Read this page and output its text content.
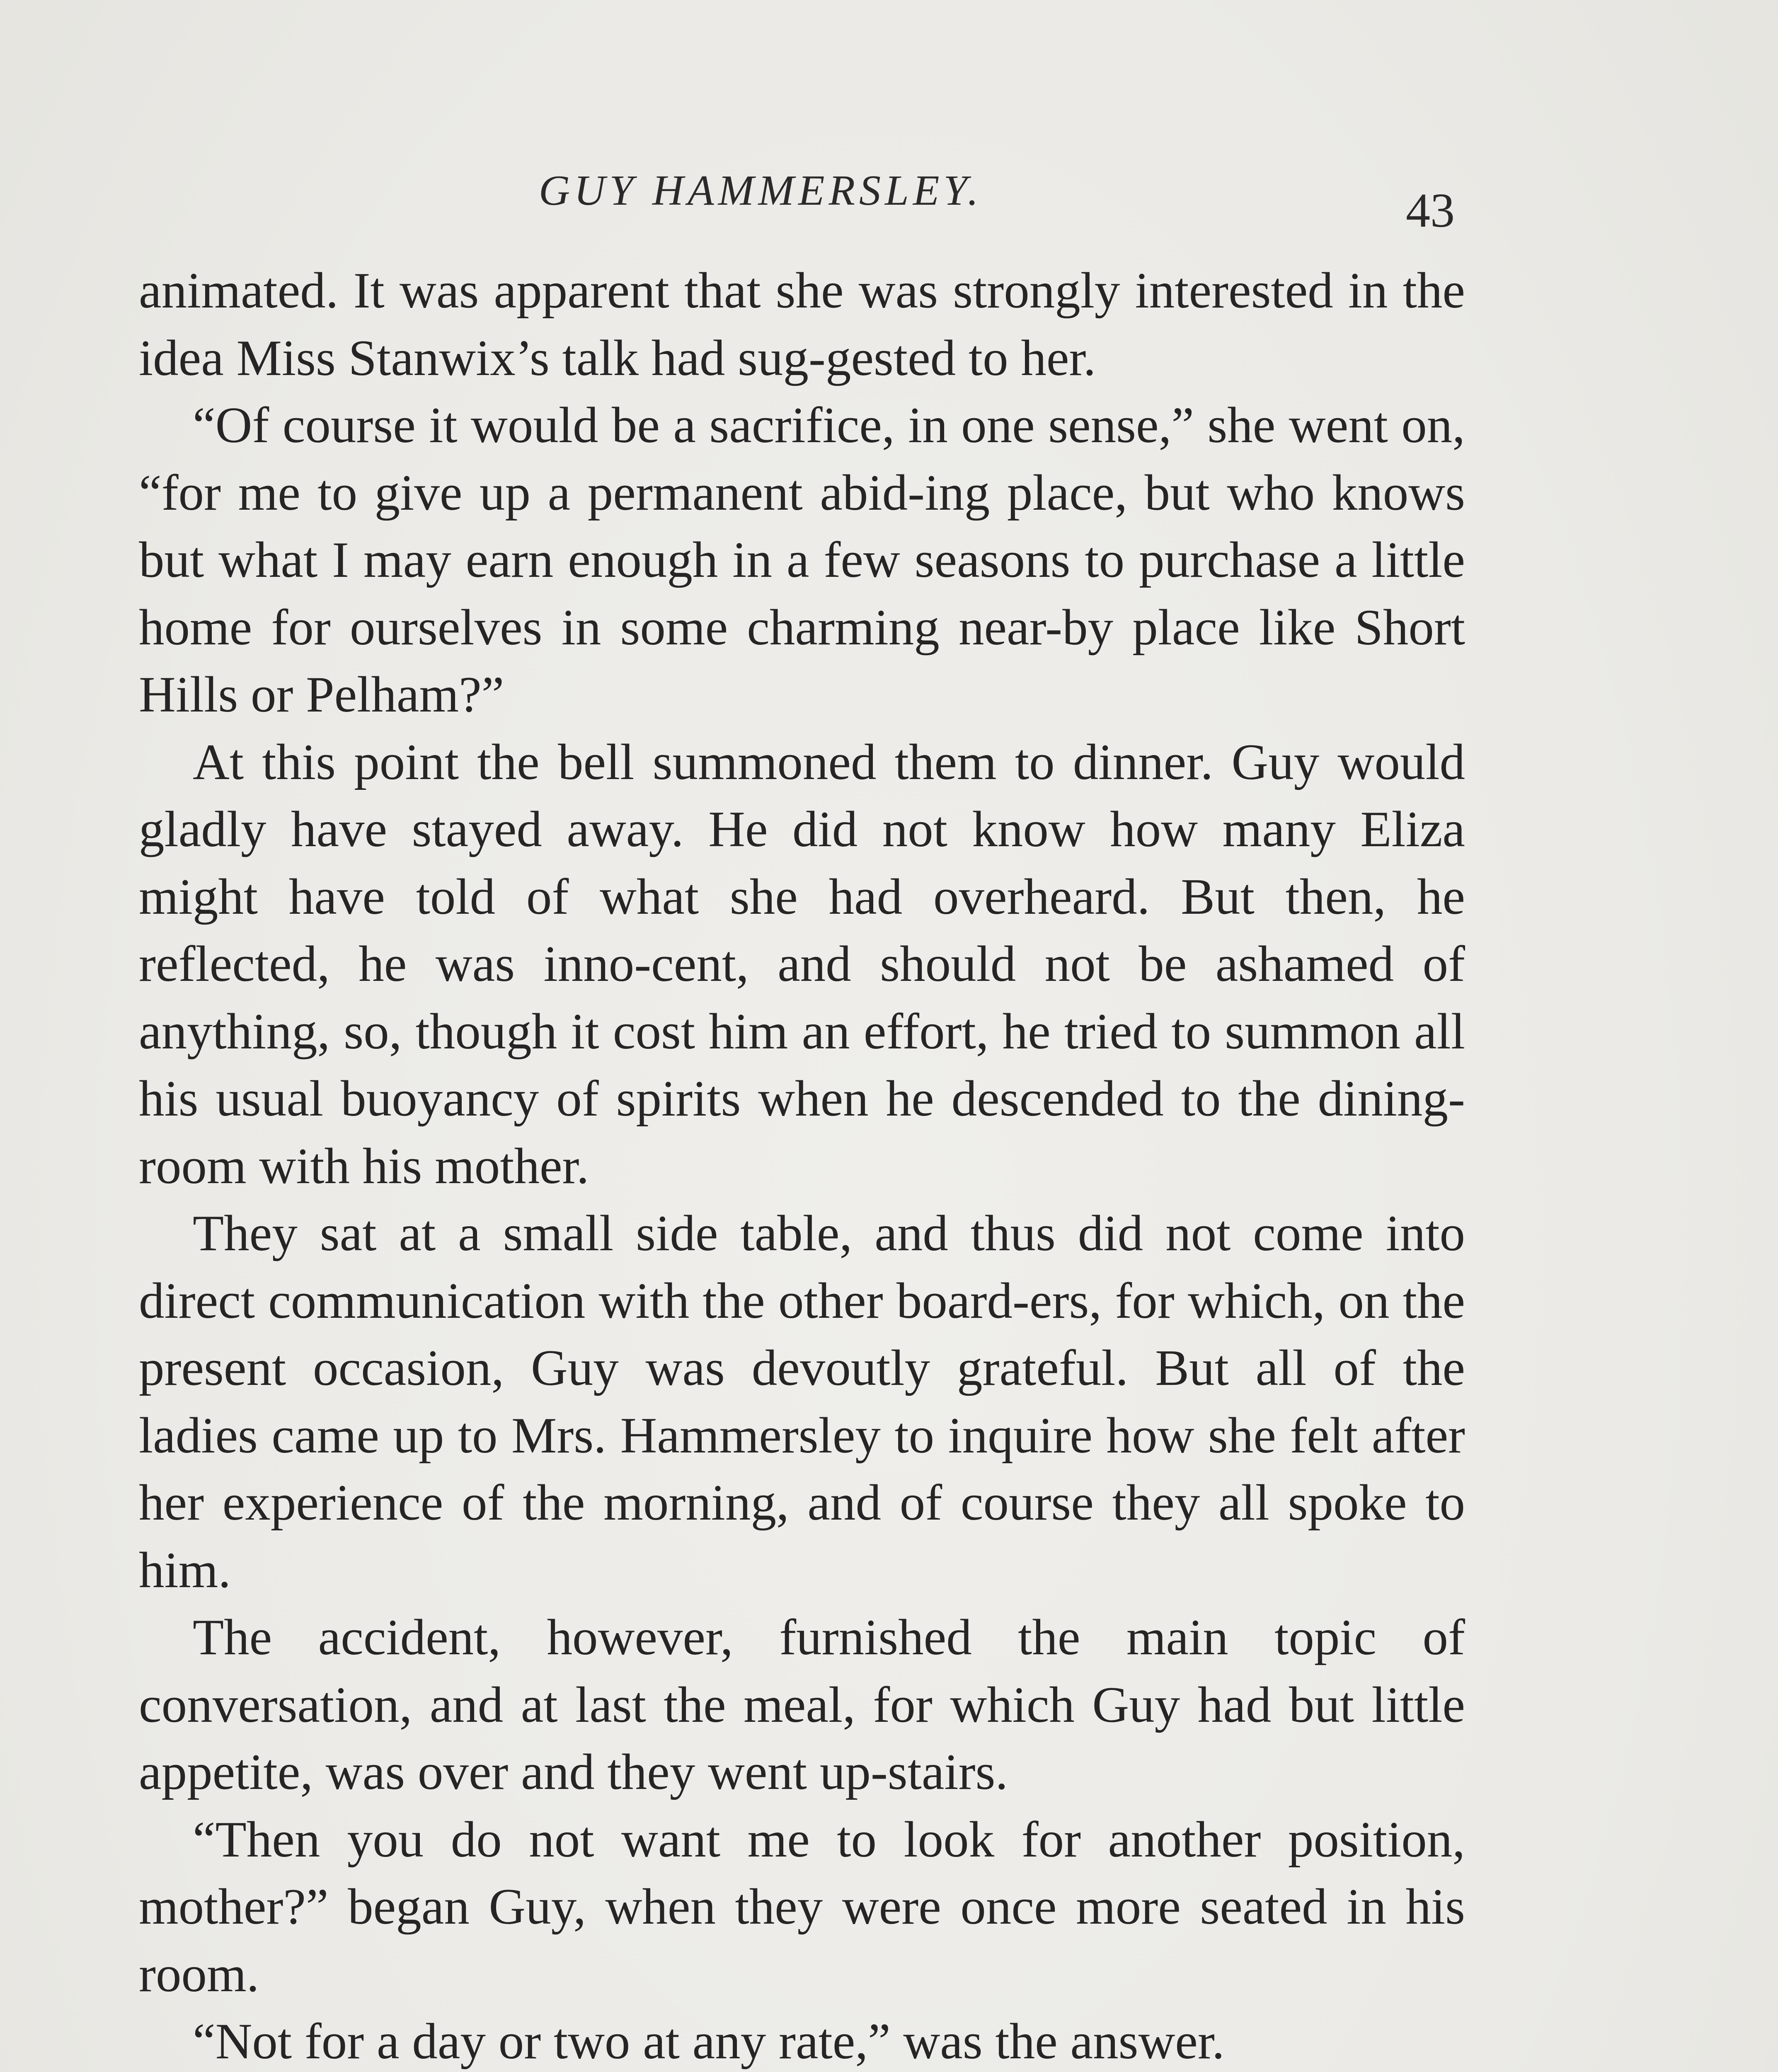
GUY HAMMERSLEY.	43

animated. It was apparent that she was strongly interested in the idea Miss Stanwix’s talk had sug-gested to her.

“Of course it would be a sacrifice, in one sense,” she went on, “for me to give up a permanent abid-ing place, but who knows but what I may earn enough in a few seasons to purchase a little home for ourselves in some charming near-by place like Short Hills or Pelham?”

At this point the bell summoned them to dinner. Guy would gladly have stayed away. He did not know how many Eliza might have told of what she had overheard. But then, he reflected, he was inno-cent, and should not be ashamed of anything, so, though it cost him an effort, he tried to summon all his usual buoyancy of spirits when he descended to the dining-room with his mother.

They sat at a small side table, and thus did not come into direct communication with the other board-ers, for which, on the present occasion, Guy was devoutly grateful. But all of the ladies came up to Mrs. Hammersley to inquire how she felt after her experience of the morning, and of course they all spoke to him.

The accident, however, furnished the main topic of conversation, and at last the meal, for which Guy had but little appetite, was over and they went up-stairs.

“Then you do not want me to look for another position, mother?” began Guy, when they were once more seated in his room.

“Not for a day or two at any rate,” was the answer.
